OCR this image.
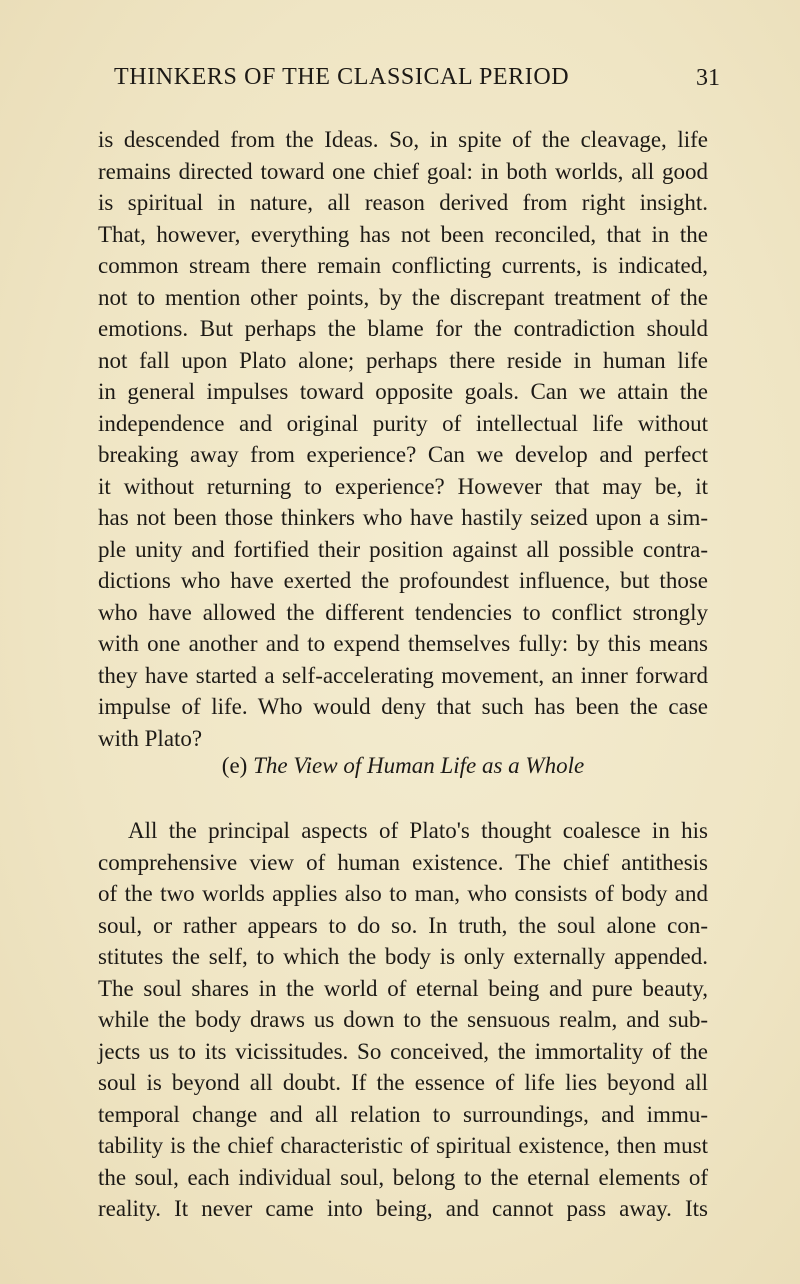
THINKERS OF THE CLASSICAL PERIOD	31
is descended from the Ideas. So, in spite of the cleavage, life
remains directed toward one chief goal: in both worlds, all good
is spiritual in nature, all reason derived from right insight.
That, however, everything has not been reconciled, that in the
common stream there remain conflicting currents, is indicated,
not to mention other points, by the discrepant treatment of the
emotions. But perhaps the blame for the contradiction should
not fall upon Plato alone; perhaps there reside in human life
in general impulses toward opposite goals. Can we attain the
independence and original purity of intellectual life without
breaking away from experience? Can we develop and perfect
it without returning to experience? However that may be, it
has not been those thinkers who have hastily seized upon a sim-
ple unity and fortified their position against all possible contra-
dictions who have exerted the profoundest influence, but those
who have allowed the different tendencies to conflict strongly
with one another and to expend themselves fully: by this means
they have started a self-accelerating movement, an inner forward
impulse of life. Who would deny that such has been the case
with Plato?
(e) The View of Human Life as a Whole
All the principal aspects of Plato's thought coalesce in his
comprehensive view of human existence. The chief antithesis
of the two worlds applies also to man, who consists of body and
soul, or rather appears to do so. In truth, the soul alone con-
stitutes the self, to which the body is only externally appended.
The soul shares in the world of eternal being and pure beauty,
while the body draws us down to the sensuous realm, and sub-
jects us to its vicissitudes. So conceived, the immortality of the
soul is beyond all doubt. If the essence of life lies beyond all
temporal change and all relation to surroundings, and immu-
tability is the chief characteristic of spiritual existence, then must
the soul, each individual soul, belong to the eternal elements of
reality. It never came into being, and cannot pass away. Its
